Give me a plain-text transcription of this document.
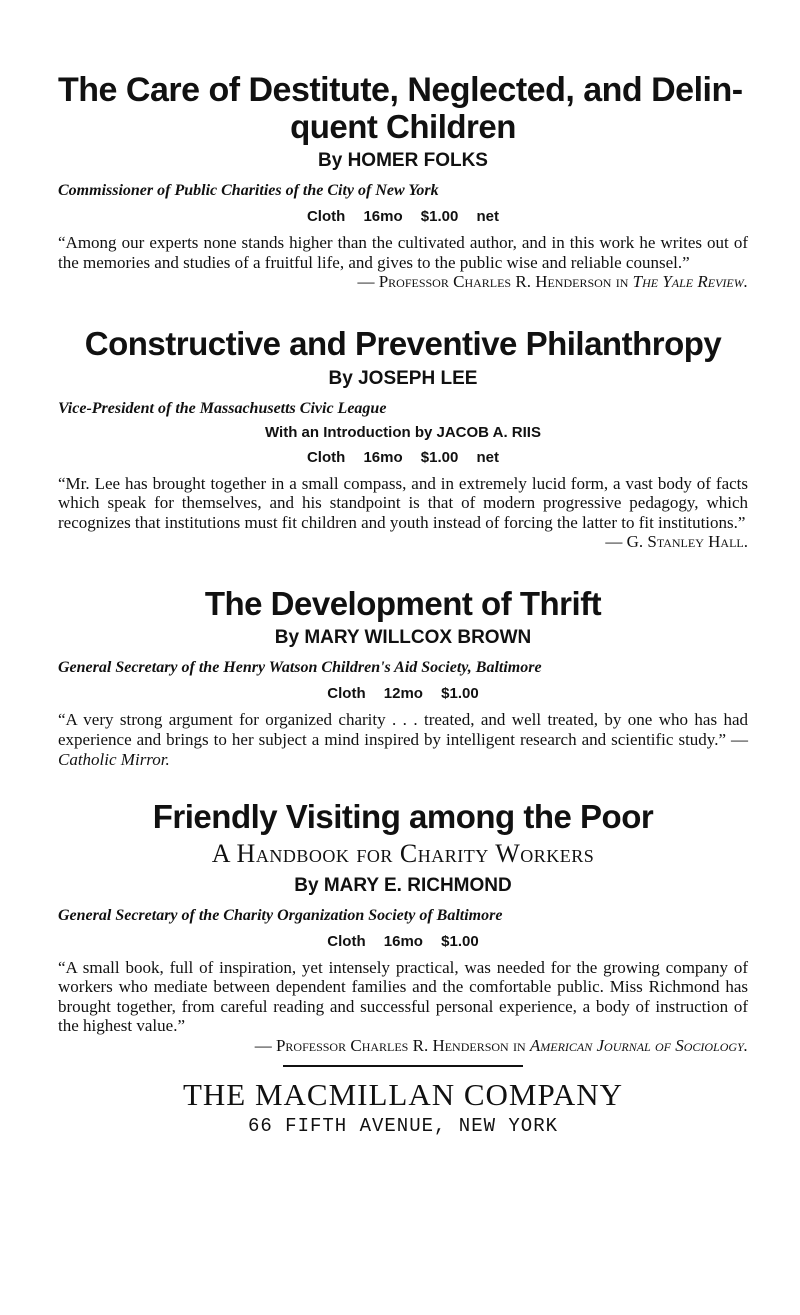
The Care of Destitute, Neglected, and Delin-
quent Children
By HOMER FOLKS
Commissioner of Public Charities of the City of New York
Cloth 16mo $1.00 net
“Among our experts none stands higher than the cultivated author, and in this work he writes out of the memories and studies of a fruitful life, and gives to the public wise and reliable counsel.”
— Professor Charles R. Henderson in The Yale Review.
Constructive and Preventive Philanthropy
By JOSEPH LEE
Vice-President of the Massachusetts Civic League
With an Introduction by JACOB A. RIIS
Cloth 16mo $1.00 net
“Mr. Lee has brought together in a small compass, and in extremely lucid form, a vast body of facts which speak for themselves, and his standpoint is that of modern progressive pedagogy, which recognizes that institutions must fit children and youth instead of forcing the latter to fit institutions.”
— G. Stanley Hall.
The Development of Thrift
By MARY WILLCOX BROWN
General Secretary of the Henry Watson Children's Aid Society, Baltimore
Cloth 12mo $1.00
“A very strong argument for organized charity . . . treated, and well treated, by one who has had experience and brings to her subject a mind inspired by intelligent research and scientific study.” — Catholic Mirror.
Friendly Visiting among the Poor
A Handbook for Charity Workers
By MARY E. RICHMOND
General Secretary of the Charity Organization Society of Baltimore
Cloth 16mo $1.00
“A small book, full of inspiration, yet intensely practical, was needed for the growing company of workers who mediate between dependent families and the comfortable public. Miss Richmond has brought together, from careful reading and successful personal experience, a body of instruction of the highest value.”
— Professor Charles R. Henderson in American Journal of Sociology.
THE MACMILLAN COMPANY
66 FIFTH AVENUE, NEW YORK
